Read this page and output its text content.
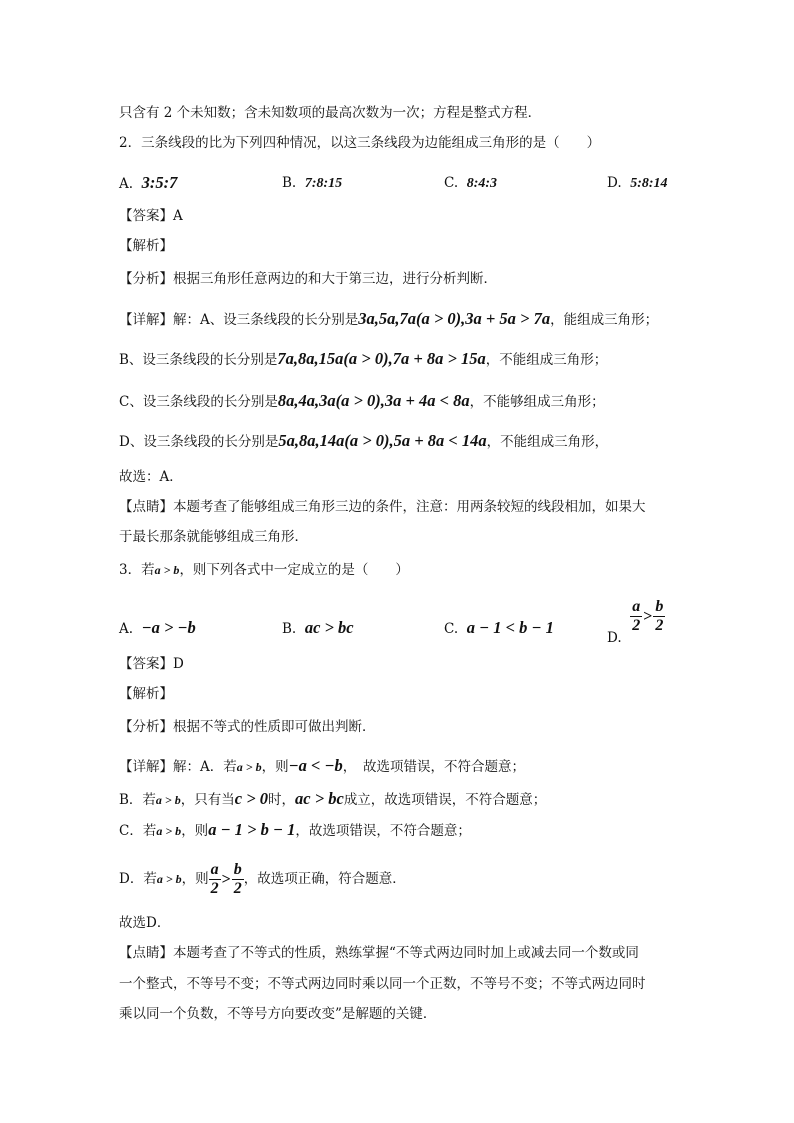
只含有 2 个未知数；含未知数项的最高次数为一次；方程是整式方程．
2．三条线段的比为下列四种情况，以这三条线段为边能组成三角形的是（　　）
A. 3:5:7	B. 7:8:15	C. 8:4:3	D. 5:8:14
【答案】A
【解析】
【分析】根据三角形任意两边的和大于第三边，进行分析判断．
【详解】解：A、设三条线段的长分别是3a,5a,7a(a > 0),3a + 5a > 7a，能组成三角形；
B、设三条线段的长分别是7a,8a,15a(a > 0),7a + 8a > 15a，不能组成三角形；
C、设三条线段的长分别是8a,4a,3a(a > 0),3a + 4a < 8a，不能够组成三角形；
D、设三条线段的长分别是5a,8a,14a(a > 0),5a + 8a < 14a，不能组成三角形，
故选：A．
【点睛】本题考查了能够组成三角形三边的条件，注意：用两条较短的线段相加，如果大
于最长那条就能够组成三角形．
3．若a > b，则下列各式中一定成立的是（　　）
A. −a > −b	B. ac > bc	C. a − 1 < b − 1
D.
$\frac{a}{2} > \frac{b}{2}$
【答案】D
【解析】
【分析】根据不等式的性质即可做出判断．
【详解】解：A．若a > b，则−a < −b，　故选项错误，不符合题意；
B．若a > b，只有当c > 0时，ac > bc成立，故选项错误，不符合题意；
C．若a > b，则a − 1 > b − 1，故选项错误，不符合题意；
D．若a > b，则 $\frac{a}{2} > \frac{b}{2}$ ，故选项正确，符合题意．
故选D．
【点睛】本题考查了不等式的性质，熟练掌握“不等式两边同时加上或减去同一个数或同
一个整式，不等号不变；不等式两边同时乘以同一个正数，不等号不变；不等式两边同时
乘以同一个负数，不等号方向要改变”是解题的关键．
